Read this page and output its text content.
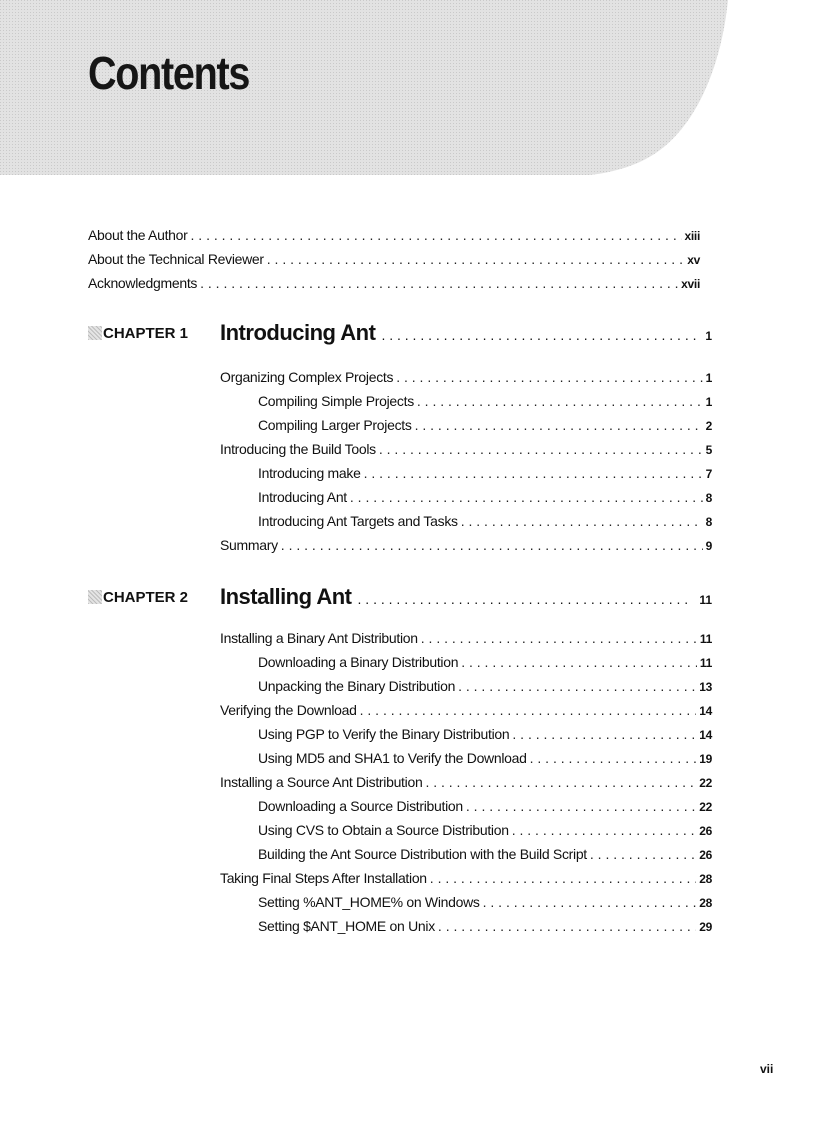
Contents
About the Author . . .	xiii
About the Technical Reviewer . . .	xv
Acknowledgments . . .	xvii
CHAPTER 1 Introducing Ant . . .	1
Organizing Complex Projects . . .	1
Compiling Simple Projects . . .	1
Compiling Larger Projects . . .	2
Introducing the Build Tools . . .	5
Introducing make . . .	7
Introducing Ant . . .	8
Introducing Ant Targets and Tasks . . .	8
Summary . . .	9
CHAPTER 2 Installing Ant . . .	11
Installing a Binary Ant Distribution . . .	11
Downloading a Binary Distribution . . .	11
Unpacking the Binary Distribution . . .	13
Verifying the Download . . .	14
Using PGP to Verify the Binary Distribution . . .	14
Using MD5 and SHA1 to Verify the Download . . .	19
Installing a Source Ant Distribution . . .	22
Downloading a Source Distribution . . .	22
Using CVS to Obtain a Source Distribution . . .	26
Building the Ant Source Distribution with the Build Script . . .	26
Taking Final Steps After Installation . . .	28
Setting %ANT_HOME% on Windows . . .	28
Setting $ANT_HOME on Unix . . .	29
vii
